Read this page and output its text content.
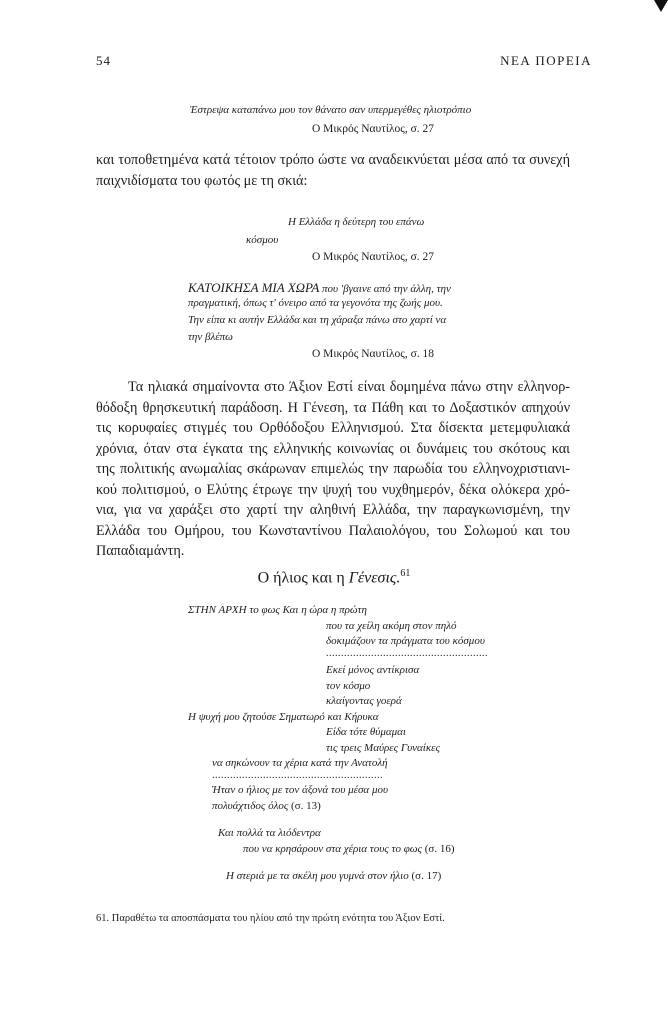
54	ΝΕΑ ΠΟΡΕΙΑ
Έστρεψα καταπάνω μου τον θάνατο σαν υπερμεγέθες ηλιοτρόπιο
Ο Μικρός Ναυτίλος, σ. 27
και τοποθετημένα κατά τέτοιον τρόπο ώστε να αναδεικνύεται μέσα από τα συνεχή
παιχνιδίσματα του φωτός με τη σκιά:
Η Ελλάδα η δεύτερη του επάνω
κόσμου
Ο Μικρός Ναυτίλος, σ. 27
ΚΑΤΟΙΚΗΣΑ ΜΙΑ ΧΩΡΑ που 'βγαινε από την άλλη, την
πραγματική, όπως τ' όνειρο από τα γεγονότα της ζωής μου.
Την είπα κι αυτήν Ελλάδα και τη χάραξα πάνω στο χαρτί να
την βλέπω
Ο Μικρός Ναυτίλος, σ. 18
Τα ηλιακά σημαίνοντα στο Άξιον Εστί είναι δομημένα πάνω στην ελληνορ-
θόδοξη θρησκευτική παράδοση. Η Γένεση, τα Πάθη και το Δοξαστικόν απηχούν
τις κορυφαίες στιγμές του Ορθόδοξου Ελληνισμού. Στα δίσεκτα μετεμφυλιακά
χρόνια, όταν στα έγκατα της ελληνικής κοινωνίας οι δυνάμεις του σκότους και
της πολιτικής ανωμαλίας σκάρωναν επιμελώς την παρωδία του ελληνοχριστιανι-
κού πολιτισμού, ο Ελύτης έτρωγε την ψυχή του νυχθημερόν, δέκα ολόκερα χρό-
νια, για να χαράξει στο χαρτί την αληθινή Ελλάδα, την παραγκωνισμένη, την
Ελλάδα του Ομήρου, του Κωνσταντίνου Παλαιολόγου, του Σολωμού και του
Παπαδιαμάντη.
Ο ήλιος και η Γένεσις.$^{61}$
ΣΤΗΝ ΑΡΧΗ το φως Και η ώρα η πρώτη
που τα χείλη ακόμη στον πηλό
δοκιμάζουν τα πράγματα του κόσμου
......................................................
Εκεί μόνος αντίκρισα
τον κόσμο
κλαίγοντας γοερά
Η ψυχή μου ζητούσε Σηματωρό και Κήρυκα
Είδα τότε θύμαμαι
τις τρεις Μαύρες Γυναίκες
να σηκώνουν τα χέρια κατά την Ανατολή
.........................................................
Ήταν ο ήλιος με τον άξονά του μέσα μου
πολυάχτιδος όλος (σ. 13)
Και πολλά τα λιόδεντρα
που να κρησάρουν στα χέρια τους το φως (σ. 16)
Η στεριά με τα σκέλη μου γυμνά στον ήλιο (σ. 17)
61. Παραθέτω τα αποσπάσματα του ηλίου από την πρώτη ενότητα του Άξιον Εστί.
